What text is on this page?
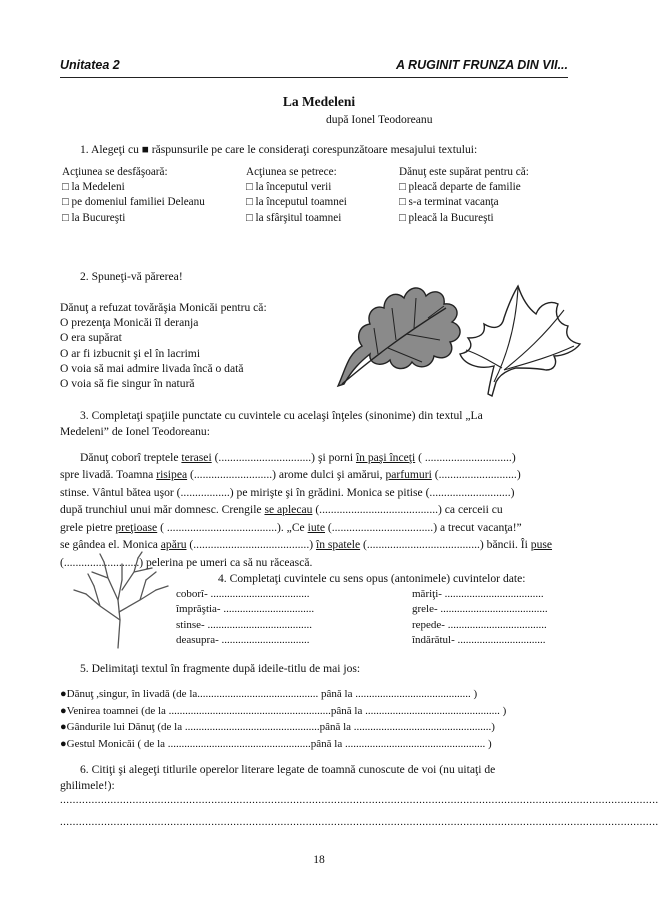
Unitatea 2	A RUGINIT FRUNZA DIN VII...
La Medeleni
după Ionel Teodoreanu
1. Alegeţi cu ■ răspunsurile pe care le consideraţi corespunzătoare mesajului textului:
Acţiunea se desfăşoară:
□ la Medeleni
□ pe domeniul familiei Deleanu
□ la Bucureşti
Acţiunea se petrece:
□ la începutul verii
□ la începutul toamnei
□ la sfârşitul toamnei
Dănuţ este supărat pentru că:
□ pleacă departe de familie
□ s-a terminat vacanţa
□ pleacă la Bucureşti
2. Spuneţi-vă părerea!
Dănuţ a refuzat tovărăşia Monicăi pentru că:
O prezenţa Monicăi îl deranja
O era supărat
O ar fi izbucnit şi el în lacrimi
O voia să mai admire livada încă o dată
O voia să fie singur în natură
3. Completaţi spaţiile punctate cu cuvintele cu acelaşi înţeles (sinonime) din textul „La
Medeleni” de Ionel Teodoreanu:
Dănuţ coborî treptele terasei (................................) şi porni în paşi înceţi ( ..............................)
spre livadă. Toamna risipea (...........................) arome dulci şi amărui, parfumuri (...........................)
stinse. Vântul bătea uşor (.................) pe mirişte şi în grădini. Monica se pitise (............................)
după trunchiul unui măr domnesc. Crengile se aplecau (.........................................) ca cerceii cu
grele pietre preţioase ( ......................................). „Ce iute (...................................) a trecut vacanţa!”
se gândea el. Monica apăru (........................................) în spatele (.......................................) băncii. Îi puse
(..........................) pelerina pe umeri ca să nu răcească.
4. Completaţi cuvintele cu sens opus (antonimele) cuvintelor date:
coborî- ....................................
împrăştia- .................................
stinse- ......................................
deasupra- ................................
măriţi- ....................................
grele- .......................................
repede- ....................................
îndărătul- ................................
5. Delimitaţi textul în fragmente după ideile-titlu de mai jos:
●Dănuţ ,singur, în livadă (de la............................................ până la .......................................... )
●Venirea toamnei (de la ...........................................................până la ................................................. )
●Gândurile lui Dănuţ (de la .................................................până la ..................................................)
●Gestul Monicăi ( de la ....................................................până la ................................................... )
6. Citiţi şi alegeţi titlurile operelor literare legate de toamnă cunoscute de voi (nu uitaţi de
ghilimele!):
..............................................................................................................................................................................................
..............................................................................................................................................................................................
18
